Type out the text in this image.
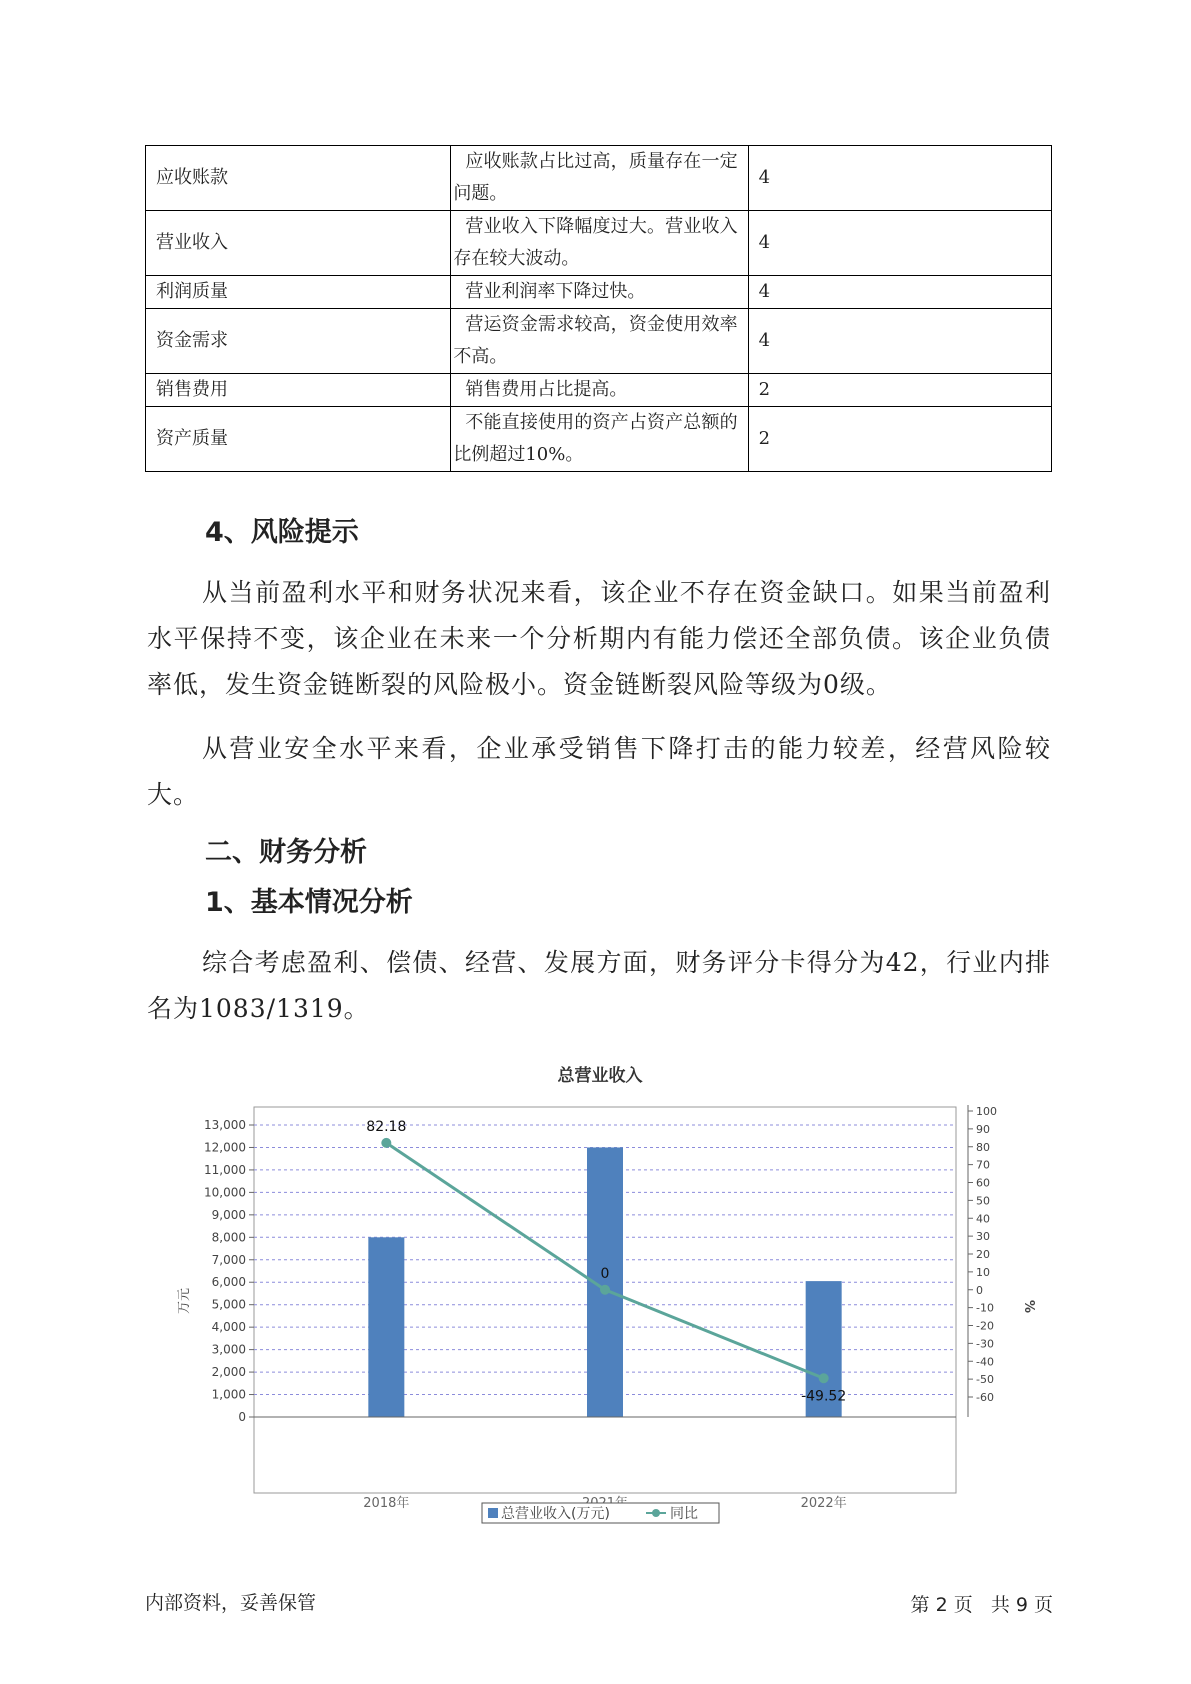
应收账款	应收账款占比过高，质量存在一定问题。	4
营业收入	营业收入下降幅度过大。营业收入存在较大波动。	4
利润质量	营业利润率下降过快。	4
资金需求	营运资金需求较高，资金使用效率不高。	4
销售费用	销售费用占比提高。	2
资产质量	不能直接使用的资产占资产总额的比例超过10%。	2
4、风险提示

从当前盈利水平和财务状况来看，该企业不存在资金缺口。如果当前盈利水平保持不变，该企业在未来一个分析期内有能力偿还全部负债。该企业负债率低，发生资金链断裂的风险极小。资金链断裂风险等级为0级。

从营业安全水平来看，企业承受销售下降打击的能力较差，经营风险较大。

二、财务分析
1、基本情况分析

综合考虑盈利、偿债、经营、发展方面，财务评分卡得分为42，行业内排名为1083/1319。

总营业收入
0
1,000
2,000
3,000
4,000
5,000
6,000
7,000
8,000
9,000
10,000
11,000
12,000
13,000
-60
-50
-40
-30
-20
-10
0
10
20
30
40
50
60
70
80
90
100
82.18
0
-49.52
2018年	2022年
万元	%
总营业收入(万元)	同比
内部资料，妥善保管	第 2 页   共 9 页
